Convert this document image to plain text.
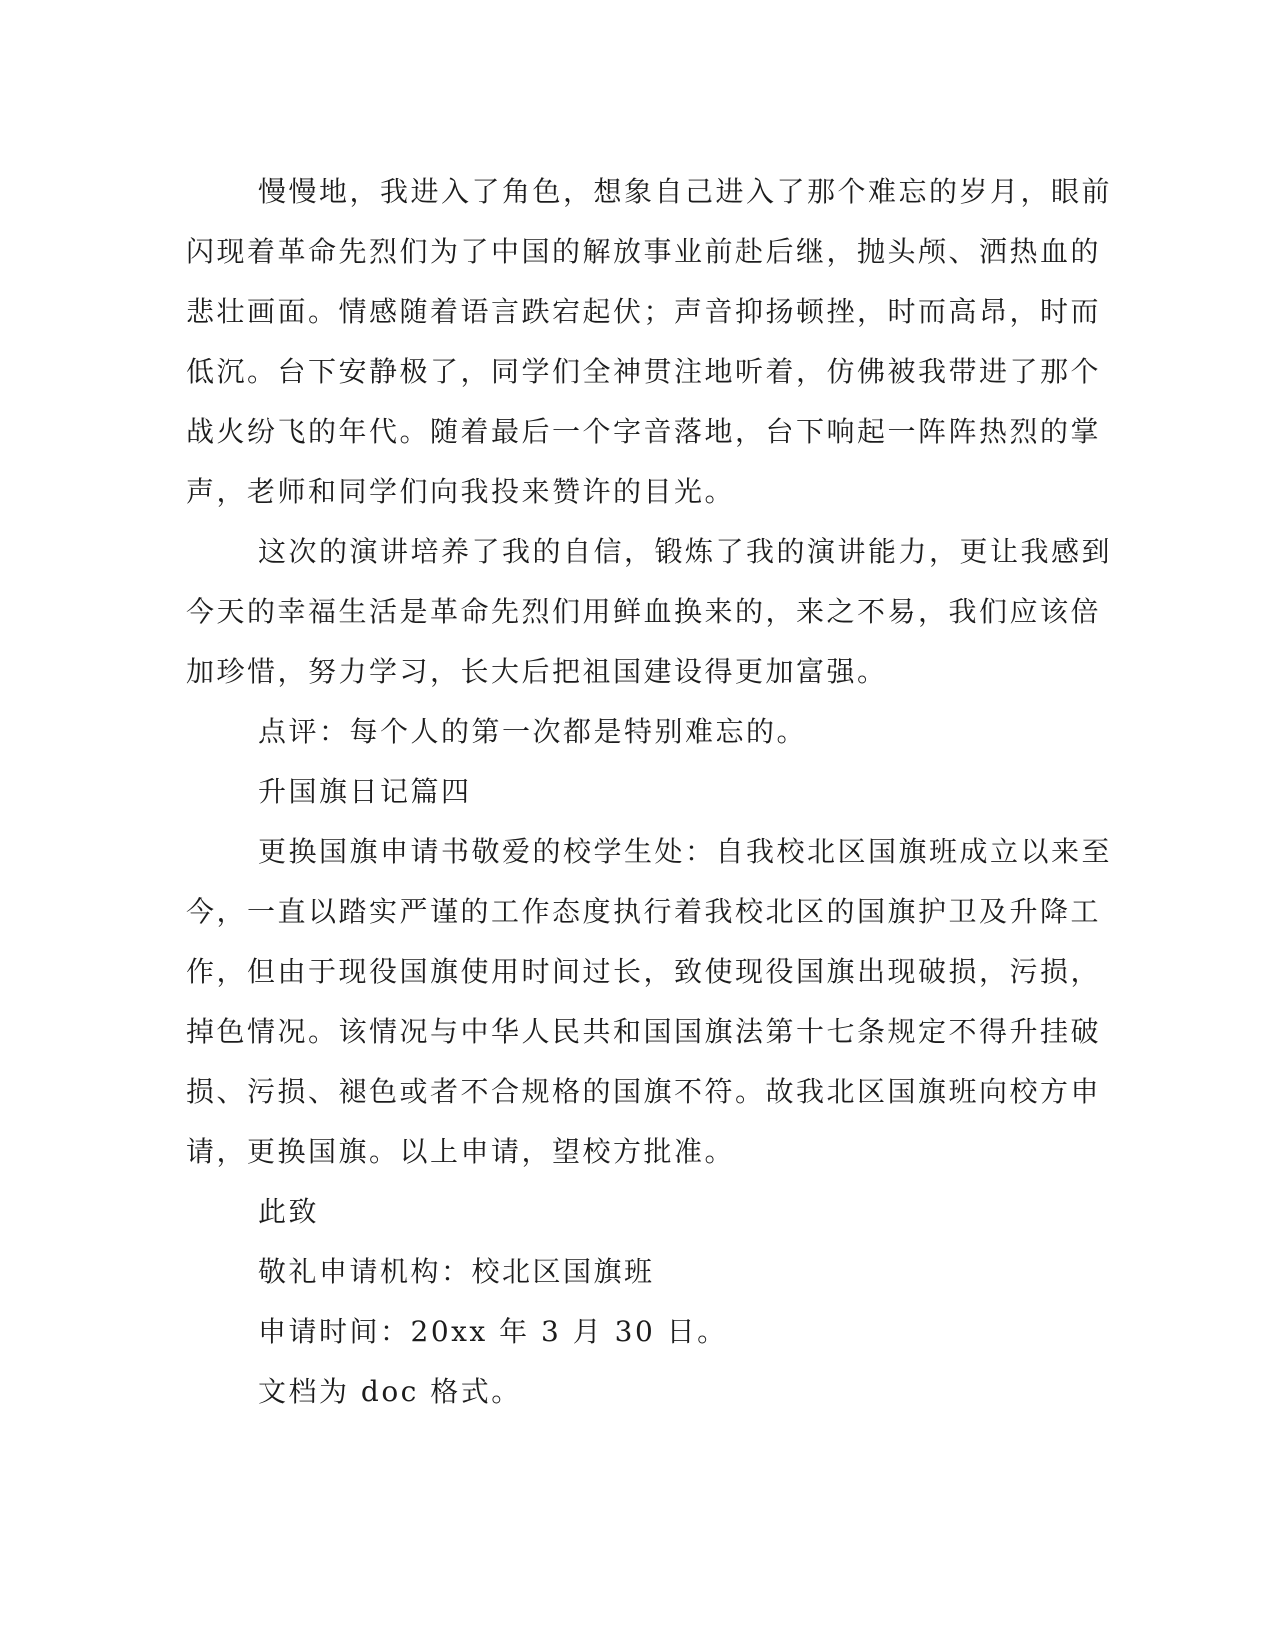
慢慢地，我进入了角色，想象自己进入了那个难忘的岁月，眼前
闪现着革命先烈们为了中国的解放事业前赴后继，抛头颅、洒热血的
悲壮画面。情感随着语言跌宕起伏；声音抑扬顿挫，时而高昂，时而
低沉。台下安静极了，同学们全神贯注地听着，仿佛被我带进了那个
战火纷飞的年代。随着最后一个字音落地，台下响起一阵阵热烈的掌
声，老师和同学们向我投来赞许的目光。
这次的演讲培养了我的自信，锻炼了我的演讲能力，更让我感到
今天的幸福生活是革命先烈们用鲜血换来的，来之不易，我们应该倍
加珍惜，努力学习，长大后把祖国建设得更加富强。
点评：每个人的第一次都是特别难忘的。
升国旗日记篇四
更换国旗申请书敬爱的校学生处：自我校北区国旗班成立以来至
今，一直以踏实严谨的工作态度执行着我校北区的国旗护卫及升降工
作，但由于现役国旗使用时间过长，致使现役国旗出现破损，污损，
掉色情况。该情况与中华人民共和国国旗法第十七条规定不得升挂破
损、污损、褪色或者不合规格的国旗不符。故我北区国旗班向校方申
请，更换国旗。以上申请，望校方批准。
此致
敬礼申请机构：校北区国旗班
申请时间：20xx 年 3 月 30 日。
文档为 doc 格式。
